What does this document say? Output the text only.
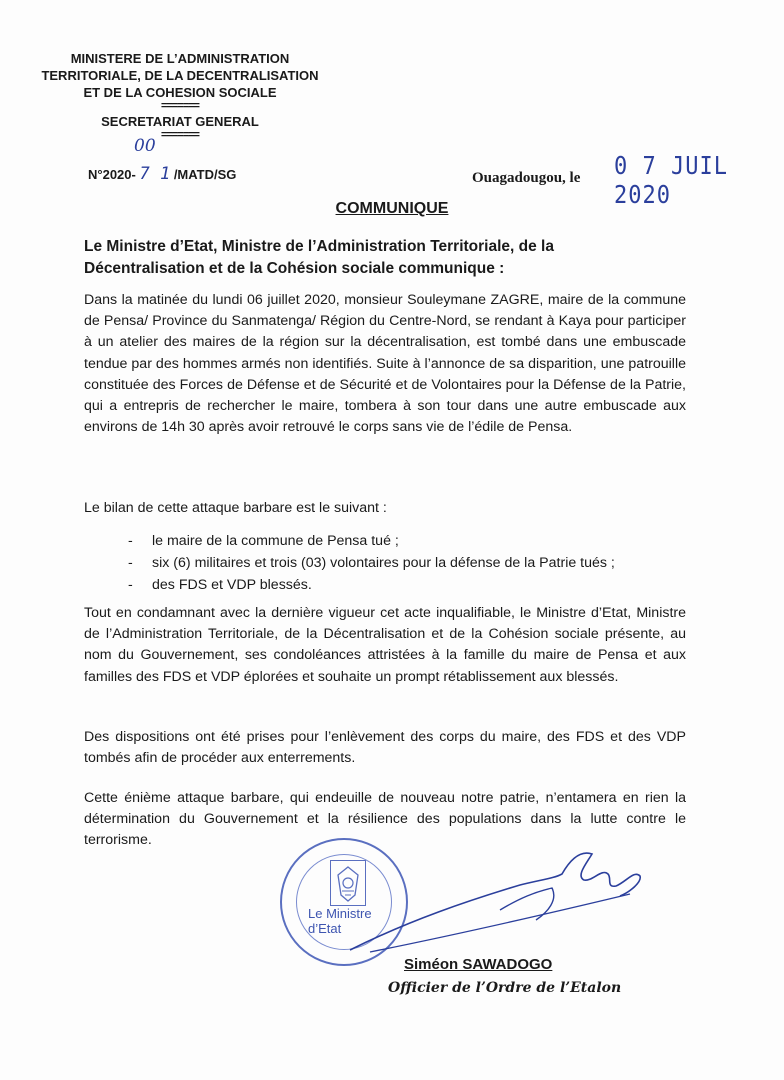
MINISTERE DE L’ADMINISTRATION
TERRITORIALE, DE LA DECENTRALISATION
ET DE LA COHESION SOCIALE
=======
SECRETARIAT GENERAL
=======
00
N°2020- 7 1 /MATD/SG	Ouagadougou, le 0 7 JUIL 2020
COMMUNIQUE
Le Ministre d’Etat, Ministre de l’Administration Territoriale, de la Décentralisation et de la Cohésion sociale communique :
Dans la matinée du lundi 06 juillet 2020, monsieur Souleymane ZAGRE, maire de la commune de Pensa/ Province du Sanmatenga/ Région du Centre-Nord, se rendant à Kaya pour participer à un atelier des maires de la région sur la décentralisation, est tombé dans une embuscade tendue par des hommes armés non identifiés. Suite à l’annonce de sa disparition, une patrouille constituée des Forces de Défense et de Sécurité et de Volontaires pour la Défense de la Patrie, qui a entrepris de rechercher le maire, tombera à son tour dans une autre embuscade aux environs de 14h 30 après avoir retrouvé le corps sans vie de l’édile de Pensa.
Le bilan de cette attaque barbare est le suivant :
- le maire de la commune de Pensa tué ;
- six (6) militaires et trois (03) volontaires pour la défense de la Patrie tués ;
- des FDS et VDP blessés.
Tout en condamnant avec la dernière vigueur cet acte inqualifiable, le Ministre d’Etat, Ministre de l’Administration Territoriale, de la Décentralisation et de la Cohésion sociale présente, au nom du Gouvernement, ses condoléances attristées à la famille du maire de Pensa et aux familles des FDS et VDP éplorées et souhaite un prompt rétablissement aux blessés.
Des dispositions ont été prises pour l’enlèvement des corps du maire, des FDS et des VDP tombés afin de procéder aux enterrements.
Cette énième attaque barbare, qui endeuille de nouveau notre patrie, n’entamera en rien la détermination du Gouvernement et la résilience des populations dans la lutte contre le terrorisme.
Le Ministre
d’Etat
Siméon SAWADOGO
Officier de l’Ordre de l’Etalon
